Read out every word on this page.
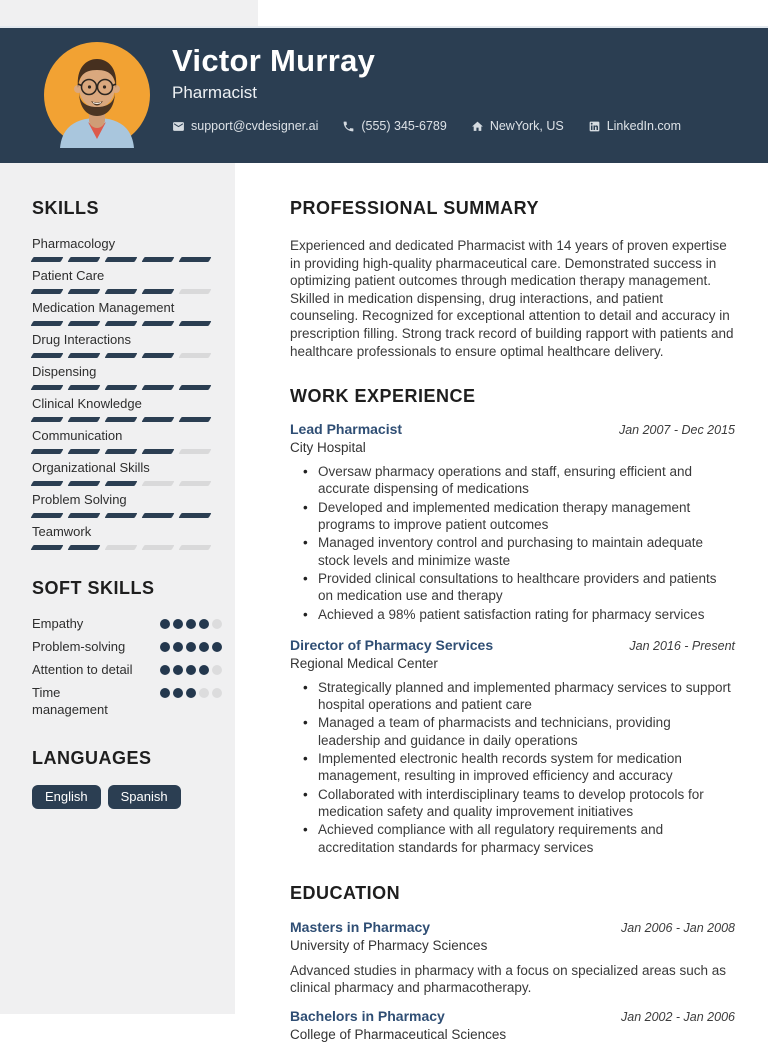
Victor Murray
Pharmacist
support@cvdesigner.ai	(555) 345-6789	NewYork, US	LinkedIn.com
SKILLS
Pharmacology
Patient Care
Medication Management
Drug Interactions
Dispensing
Clinical Knowledge
Communication
Organizational Skills
Problem Solving
Teamwork
SOFT SKILLS
Empathy
Problem-solving
Attention to detail
Time management
LANGUAGES
English	Spanish
PROFESSIONAL SUMMARY

Experienced and dedicated Pharmacist with 14 years of proven expertise in providing high-quality pharmaceutical care. Demonstrated success in optimizing patient outcomes through medication therapy management. Skilled in medication dispensing, drug interactions, and patient counseling. Recognized for exceptional attention to detail and accuracy in prescription filling. Strong track record of building rapport with patients and healthcare professionals to ensure optimal healthcare delivery.

WORK EXPERIENCE
Lead Pharmacist	Jan 2007 - Dec 2015
City Hospital
• Oversaw pharmacy operations and staff, ensuring efficient and accurate dispensing of medications
• Developed and implemented medication therapy management programs to improve patient outcomes
• Managed inventory control and purchasing to maintain adequate stock levels and minimize waste
• Provided clinical consultations to healthcare providers and patients on medication use and therapy
• Achieved a 98% patient satisfaction rating for pharmacy services
Director of Pharmacy Services	Jan 2016 - Present
Regional Medical Center
• Strategically planned and implemented pharmacy services to support hospital operations and patient care
• Managed a team of pharmacists and technicians, providing leadership and guidance in daily operations
• Implemented electronic health records system for medication management, resulting in improved efficiency and accuracy
• Collaborated with interdisciplinary teams to develop protocols for medication safety and quality improvement initiatives
• Achieved compliance with all regulatory requirements and accreditation standards for pharmacy services
EDUCATION
Masters in Pharmacy	Jan 2006 - Jan 2008
University of Pharmacy Sciences

Advanced studies in pharmacy with a focus on specialized areas such as clinical pharmacy and pharmacotherapy.

Bachelors in Pharmacy	Jan 2002 - Jan 2006
College of Pharmaceutical Sciences
